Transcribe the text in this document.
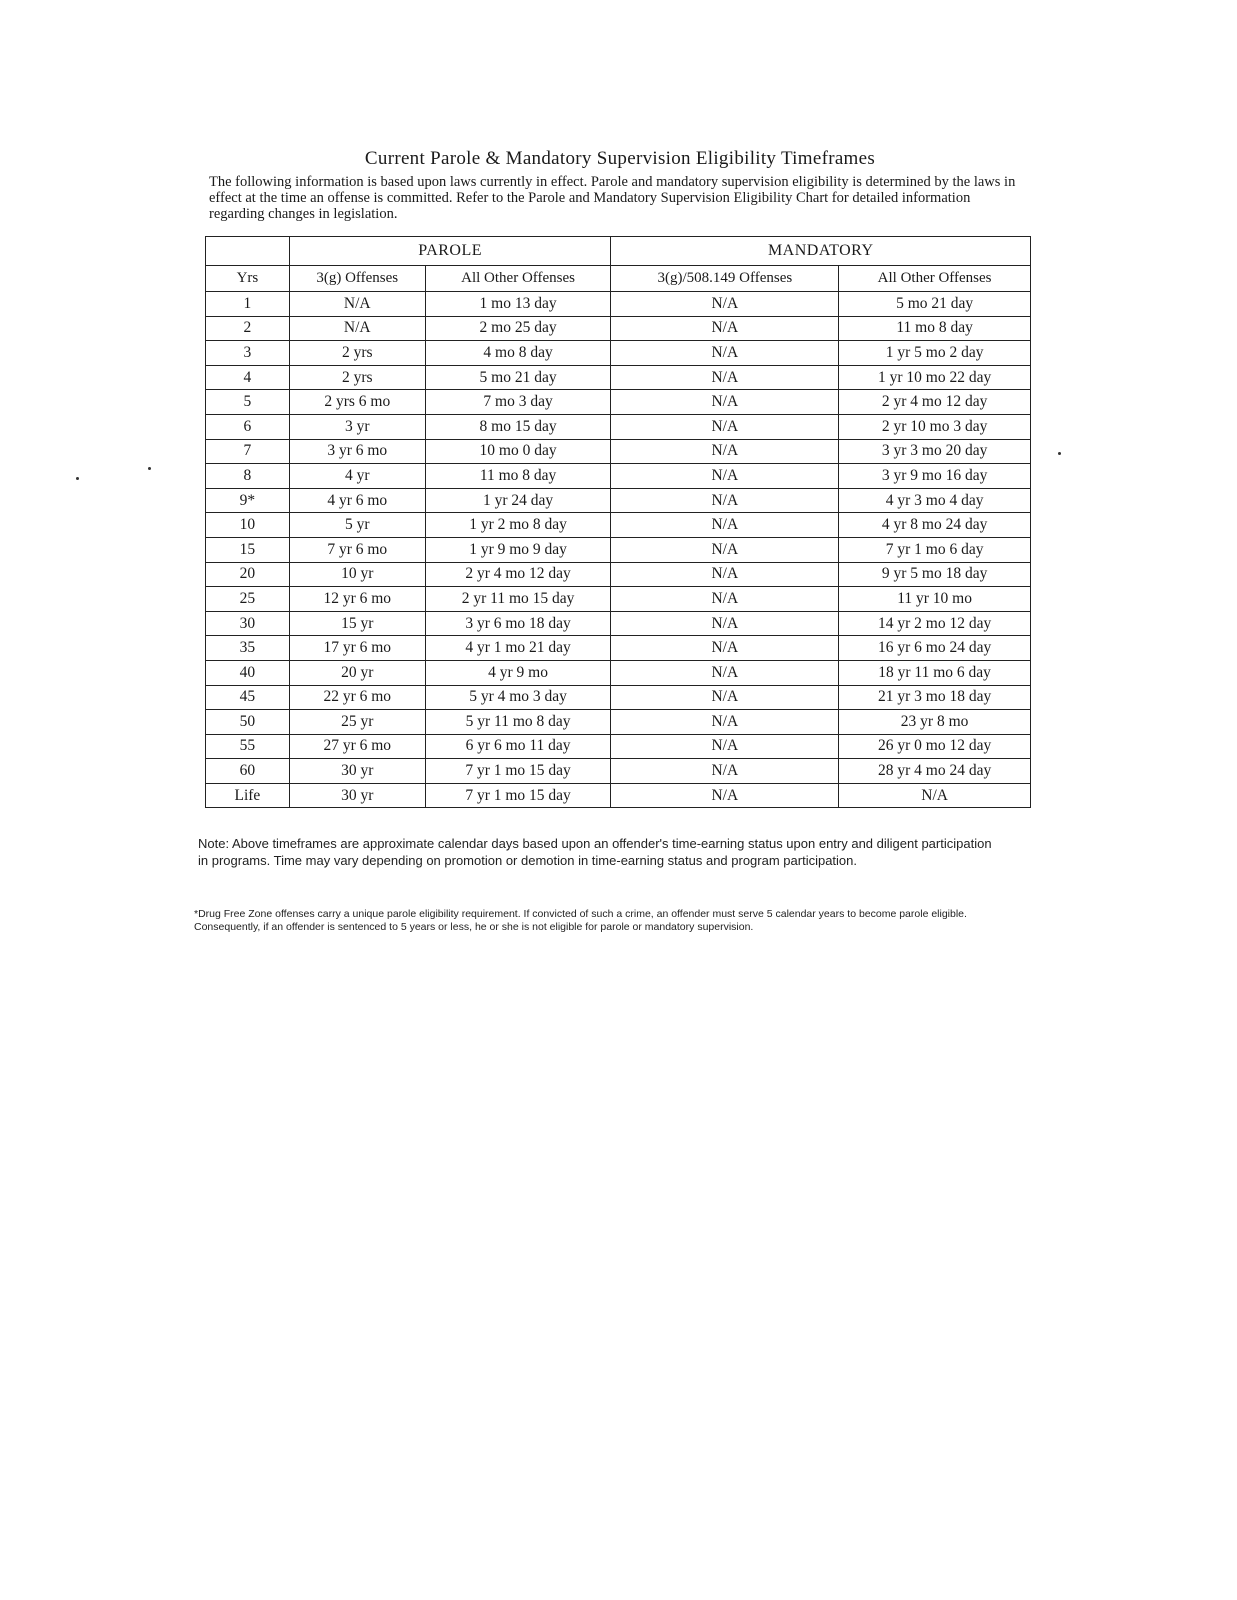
Current Parole & Mandatory Supervision Eligibility Timeframes
The following information is based upon laws currently in effect. Parole and mandatory supervision eligibility is determined by the laws in effect at the time an offense is committed. Refer to the Parole and Mandatory Supervision Eligibility Chart for detailed information regarding changes in legislation.
	PAROLE		MANDATORY	
Yrs	3(g) Offenses	All Other Offenses	3(g)/508.149 Offenses	All Other Offenses
1	N/A	1 mo 13 day	N/A	5 mo 21 day
2	N/A	2 mo 25 day	N/A	11 mo 8 day
3	2 yrs	4 mo 8 day	N/A	1 yr 5 mo 2 day
4	2 yrs	5 mo 21 day	N/A	1 yr 10 mo 22 day
5	2 yrs 6 mo	7 mo 3 day	N/A	2 yr 4 mo 12 day
6	3 yr	8 mo 15 day	N/A	2 yr 10 mo 3 day
7	3 yr 6 mo	10 mo 0 day	N/A	3 yr 3 mo 20 day
8	4 yr	11 mo 8 day	N/A	3 yr 9 mo 16 day
9*	4 yr 6 mo	1 yr 24 day	N/A	4 yr 3 mo 4 day
10	5 yr	1 yr 2 mo 8 day	N/A	4 yr 8 mo 24 day
15	7 yr 6 mo	1 yr 9 mo 9 day	N/A	7 yr 1 mo 6 day
20	10 yr	2 yr 4 mo 12 day	N/A	9 yr 5 mo 18 day
25	12 yr 6 mo	2 yr 11 mo 15 day	N/A	11 yr 10 mo
30	15 yr	3 yr 6 mo 18 day	N/A	14 yr 2 mo 12 day
35	17 yr 6 mo	4 yr 1 mo 21 day	N/A	16 yr 6 mo 24 day
40	20 yr	4 yr 9 mo	N/A	18 yr 11 mo 6 day
45	22 yr 6 mo	5 yr 4 mo 3 day	N/A	21 yr 3 mo 18 day
50	25 yr	5 yr 11 mo 8 day	N/A	23 yr 8 mo
55	27 yr 6 mo	6 yr 6 mo 11 day	N/A	26 yr 0 mo 12 day
60	30 yr	7 yr 1 mo 15 day	N/A	28 yr 4 mo 24 day
Life	30 yr	7 yr 1 mo 15 day	N/A	N/A
Note: Above timeframes are approximate calendar days based upon an offender's time-earning status upon entry and diligent participation in programs. Time may vary depending on promotion or demotion in time-earning status and program participation.
*Drug Free Zone offenses carry a unique parole eligibility requirement. If convicted of such a crime, an offender must serve 5 calendar years to become parole eligible. Consequently, if an offender is sentenced to 5 years or less, he or she is not eligible for parole or mandatory supervision.
